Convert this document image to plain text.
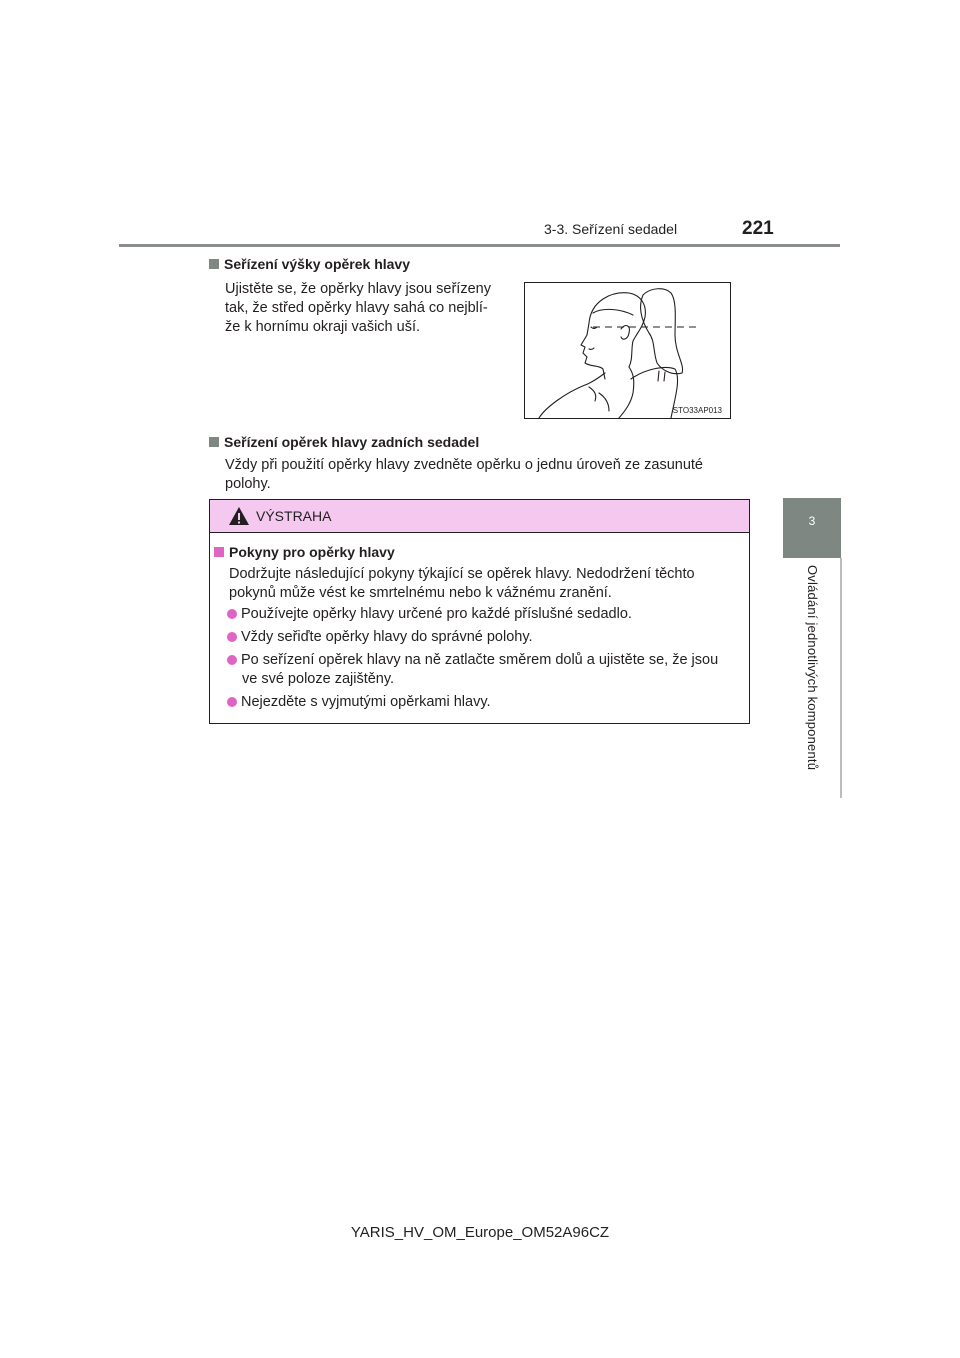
3-3. Seřízení sedadel	221
3
Ovládání jednotlivých komponentů
Seřízení výšky opěrek hlavy
Ujistěte se, že opěrky hlavy jsou seřízeny
tak, že střed opěrky hlavy sahá co nejblí-
že k hornímu okraji vašich uší.
STO33AP013
Seřízení opěrek hlavy zadních sedadel
Vždy při použití opěrky hlavy zvedněte opěrku o jednu úroveň ze zasunuté
polohy.
VÝSTRAHA
Pokyny pro opěrky hlavy
Dodržujte následující pokyny týkající se opěrek hlavy. Nedodržení těchto
pokynů může vést ke smrtelnému nebo k vážnému zranění.
Používejte opěrky hlavy určené pro každé příslušné sedadlo.
Vždy seřiďte opěrky hlavy do správné polohy.
Po seřízení opěrek hlavy na ně zatlačte směrem dolů a ujistěte se, že jsou
ve své poloze zajištěny.
Nejezděte s vyjmutými opěrkami hlavy.
YARIS_HV_OM_Europe_OM52A96CZ
